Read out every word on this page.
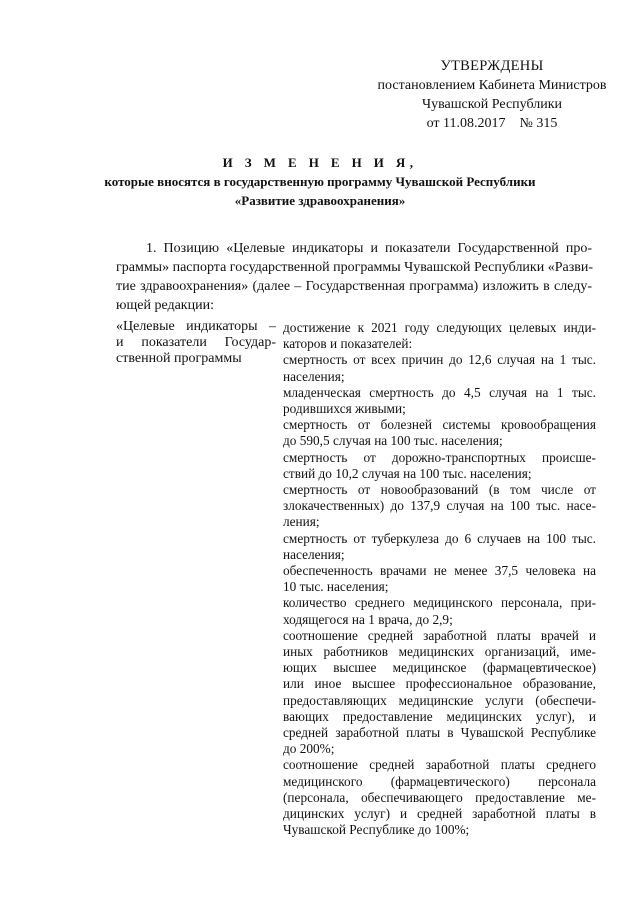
УТВЕРЖДЕНЫ
постановлением Кабинета Министров
Чувашской Республики
от 11.08.2017    № 315
И З М Е Н Е Н И Я,
которые вносятся в государственную программу Чувашской Республики
«Развитие здравоохранения»
1. Позицию «Целевые индикаторы и показатели Государственной про-
граммы» паспорта государственной программы Чувашской Республики «Разви-
тие здравоохранения» (далее – Государственная программа) изложить в следу-
ющей редакции:
«Целевые индикаторы –
и показатели Государ-
ственной программы
достижение к 2021 году следующих целевых инди-
каторов и показателей:
смертность от всех причин до 12,6 случая на 1 тыс.
населения;
младенческая смертность до 4,5 случая на 1 тыс.
родившихся живыми;
смертность от болезней системы кровообращения
до 590,5 случая на 100 тыс. населения;
смертность от дорожно-транспортных происше-
ствий до 10,2 случая на 100 тыс. населения;
смертность от новообразований (в том числе от
злокачественных) до 137,9 случая на 100 тыс. насе-
ления;
смертность от туберкулеза до 6 случаев на 100 тыс.
населения;
обеспеченность врачами не менее 37,5 человека на
10 тыс. населения;
количество среднего медицинского персонала, при-
ходящегося на 1 врача, до 2,9;
соотношение средней заработной платы врачей и
иных работников медицинских организаций, име-
ющих высшее медицинское (фармацевтическое)
или иное высшее профессиональное образование,
предоставляющих медицинские услуги (обеспечи-
вающих предоставление медицинских услуг), и
средней заработной платы в Чувашской Республике
до 200%;
соотношение средней заработной платы среднего
медицинского (фармацевтического) персонала
(персонала, обеспечивающего предоставление ме-
дицинских услуг) и средней заработной платы в
Чувашской Республике до 100%;
